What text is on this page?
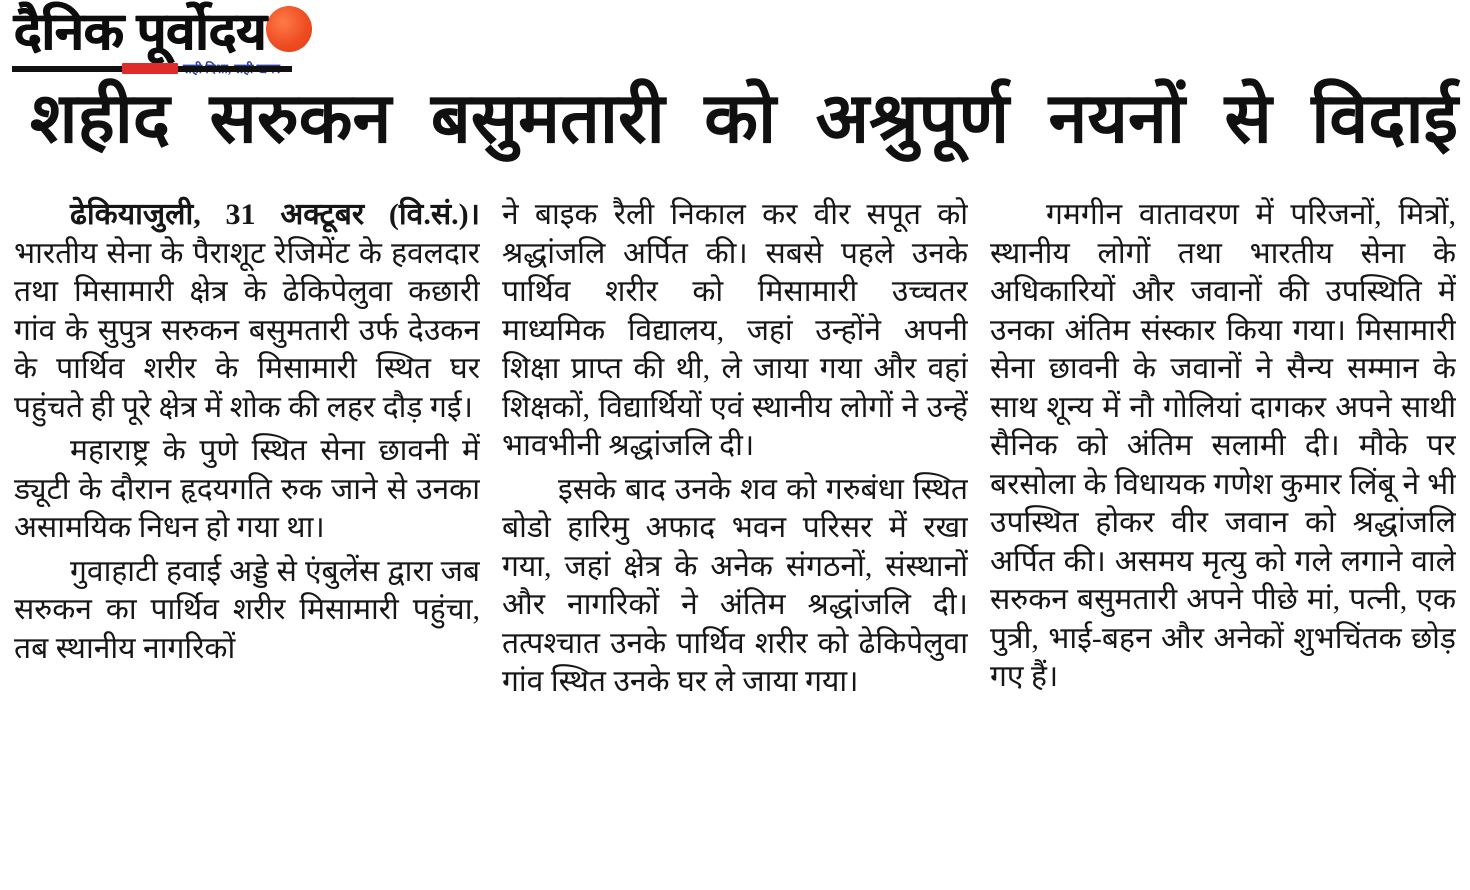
दैनिक पूर्वोदय
शहीद सरुकन बसुमतारी को अश्रुपूर्ण नयनों से विदाई

ढेकियाजुली, 31 अक्टूबर (वि.सं.)। भारतीय सेना के पैराशूट रेजिमेंट के हवलदार तथा मिसामारी क्षेत्र के ढेकिपेलुवा कछारी गांव के सुपुत्र सरुकन बसुमतारी उर्फ देउकन के पार्थिव शरीर के मिसामारी स्थित घर पहुंचते ही पूरे क्षेत्र में शोक की लहर दौड़ गई।

महाराष्ट्र के पुणे स्थित सेना छावनी में ड्यूटी के दौरान हृदयगति रुक जाने से उनका असामयिक निधन हो गया था।

गुवाहाटी हवाई अड्डे से एंबुलेंस द्वारा जब सरुकन का पार्थिव शरीर मिसामारी पहुंचा, तब स्थानीय नागरिकों

ने बाइक रैली निकाल कर वीर सपूत को श्रद्धांजलि अर्पित की। सबसे पहले उनके पार्थिव शरीर को मिसामारी उच्चतर माध्यमिक विद्यालय, जहां उन्होंने अपनी शिक्षा प्राप्त की थी, ले जाया गया और वहां शिक्षकों, विद्यार्थियों एवं स्थानीय लोगों ने उन्हें भावभीनी श्रद्धांजलि दी।

इसके बाद उनके शव को गरुबंधा स्थित बोडो हारिमु अफाद भवन परिसर में रखा गया, जहां क्षेत्र के अनेक संगठनों, संस्थानों और नागरिकों ने अंतिम श्रद्धांजलि दी। तत्पश्चात उनके पार्थिव शरीर को ढेकिपेलुवा गांव स्थित उनके घर ले जाया गया।

गमगीन वातावरण में परिजनों, मित्रों, स्थानीय लोगों तथा भारतीय सेना के अधिकारियों और जवानों की उपस्थिति में उनका अंतिम संस्कार किया गया। मिसामारी सेना छावनी के जवानों ने सैन्य सम्मान के साथ शून्य में नौ गोलियां दागकर अपने साथी सैनिक को अंतिम सलामी दी। मौके पर बरसोला के विधायक गणेश कुमार लिंबू ने भी उपस्थित होकर वीर जवान को श्रद्धांजलि अर्पित की। असमय मृत्यु को गले लगाने वाले सरुकन बसुमतारी अपने पीछे मां, पत्नी, एक पुत्री, भाई-बहन और अनेकों शुभचिंतक छोड़ गए हैं।
